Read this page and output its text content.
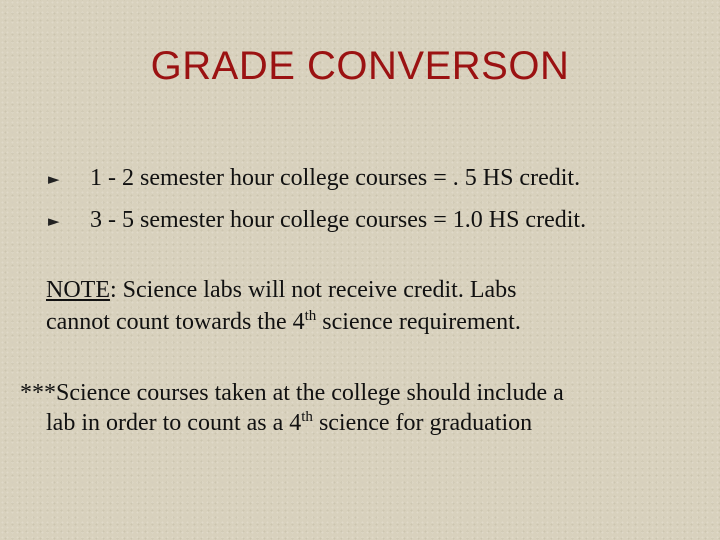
GRADE CONVERSON
►	1 - 2 semester hour college courses = . 5 HS credit.
►	3 - 5 semester hour college courses = 1.0 HS credit.
NOTE: Science labs will not receive credit. Labs
cannot count towards the 4th science requirement.
***Science courses taken at the college should include a
lab in order to count as a 4th science for graduation
